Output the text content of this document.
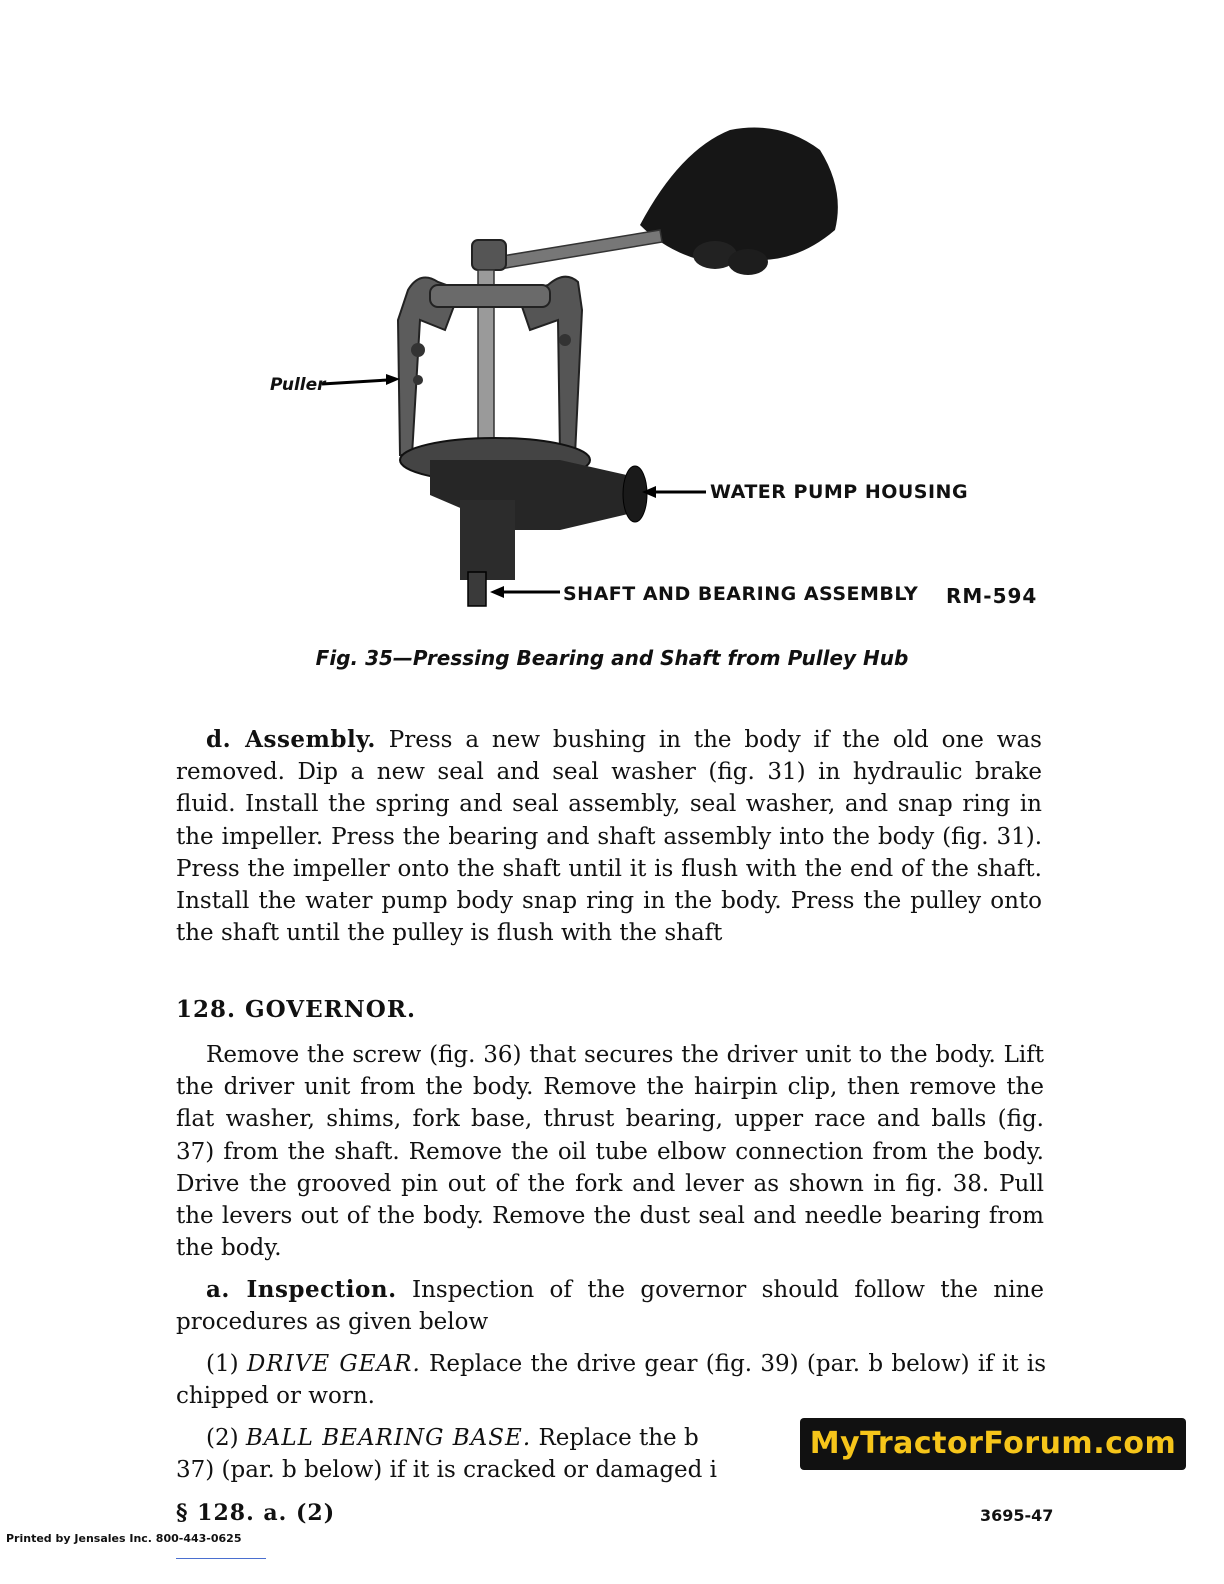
Puller
WATER PUMP HOUSING
SHAFT AND BEARING ASSEMBLY RM-594
Fig. 35—Pressing Bearing and Shaft from Pulley Hub
d. Assembly. Press a new bushing in the body if the old one was removed. Dip a new seal and seal washer (fig. 31) in hydraulic brake fluid. Install the spring and seal assembly, seal washer, and snap ring in the impeller. Press the bearing and shaft assembly into the body (fig. 31). Press the impeller onto the shaft until it is flush with the end of the shaft. Install the water pump body snap ring in the body. Press the pulley onto the shaft until the pulley is flush with the shaft
128. GOVERNOR.
Remove the screw (fig. 36) that secures the driver unit to the body. Lift the driver unit from the body. Remove the hairpin clip, then remove the flat washer, shims, fork base, thrust bearing, upper race and balls (fig. 37) from the shaft. Remove the oil tube elbow connection from the body. Drive the grooved pin out of the fork and lever as shown in fig. 38. Pull the levers out of the body. Remove the dust seal and needle bearing from the body.
a. Inspection. Inspection of the governor should follow the nine procedures as given below
(1) DRIVE GEAR. Replace the drive gear (fig. 39) (par. b below) if it is chipped or worn.
(2) BALL BEARING BASE. Replace the b
37) (par. b below) if it is cracked or damaged i
MyTractorForum.com
§ 128. a. (2)	3695-47
Printed by Jensales Inc. 800-443-0625
